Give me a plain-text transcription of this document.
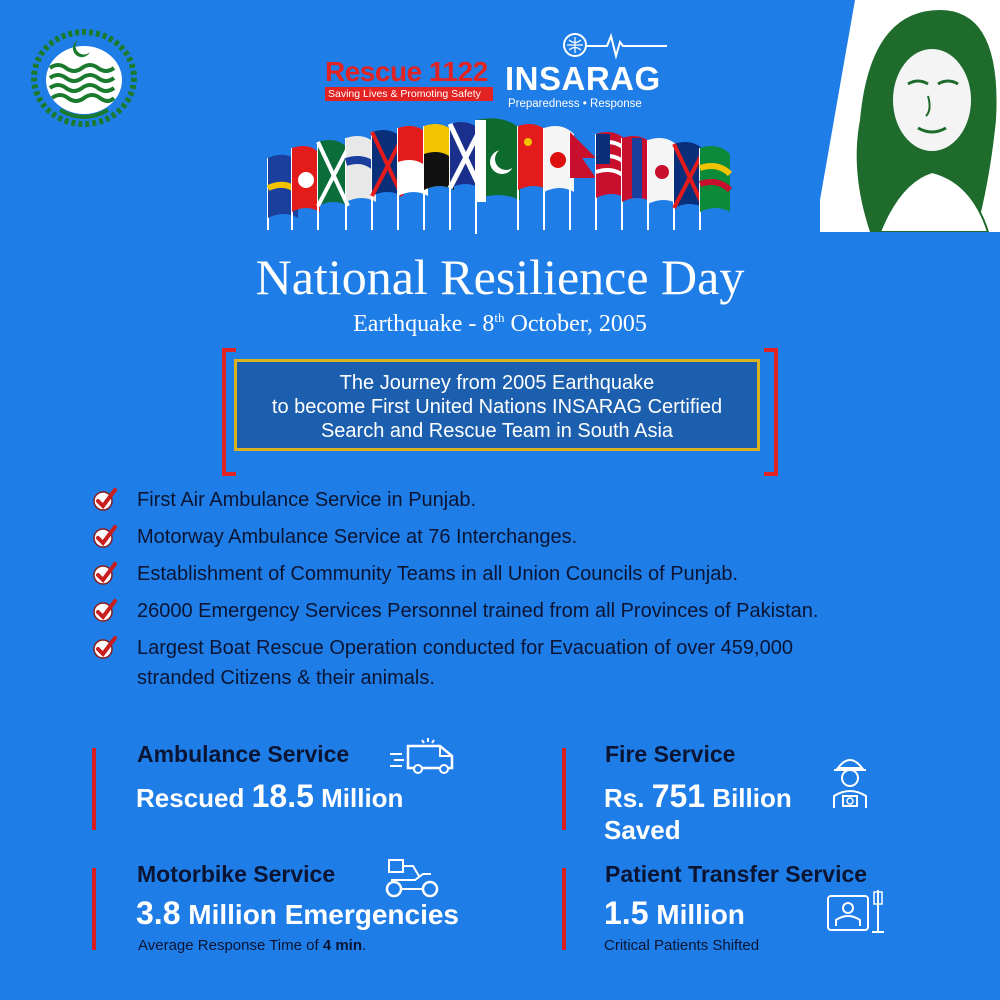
Rescue 1122
Saving Lives & Promoting Safety INSARAG
Preparedness • Response
National Resilience Day
Earthquake - 8th October, 2005
The Journey from 2005 Earthquake
to become First United Nations INSARAG Certified
Search and Rescue Team in South Asia
First Air Ambulance Service in Punjab.
Motorway Ambulance Service at 76 Interchanges.
Establishment of Community Teams in all Union Councils of Punjab.
26000 Emergency Services Personnel trained from all Provinces of Pakistan.
Largest Boat Rescue Operation conducted for Evacuation of over 459,000
stranded Citizens & their animals.
Ambulance Service
Rescued 18.5 Million
Fire Service
Rs. 751 Billion
Saved
Motorbike Service
3.8 Million Emergencies
Average Response Time of 4 min.
Patient Transfer Service
1.5 Million
Critical Patients Shifted
